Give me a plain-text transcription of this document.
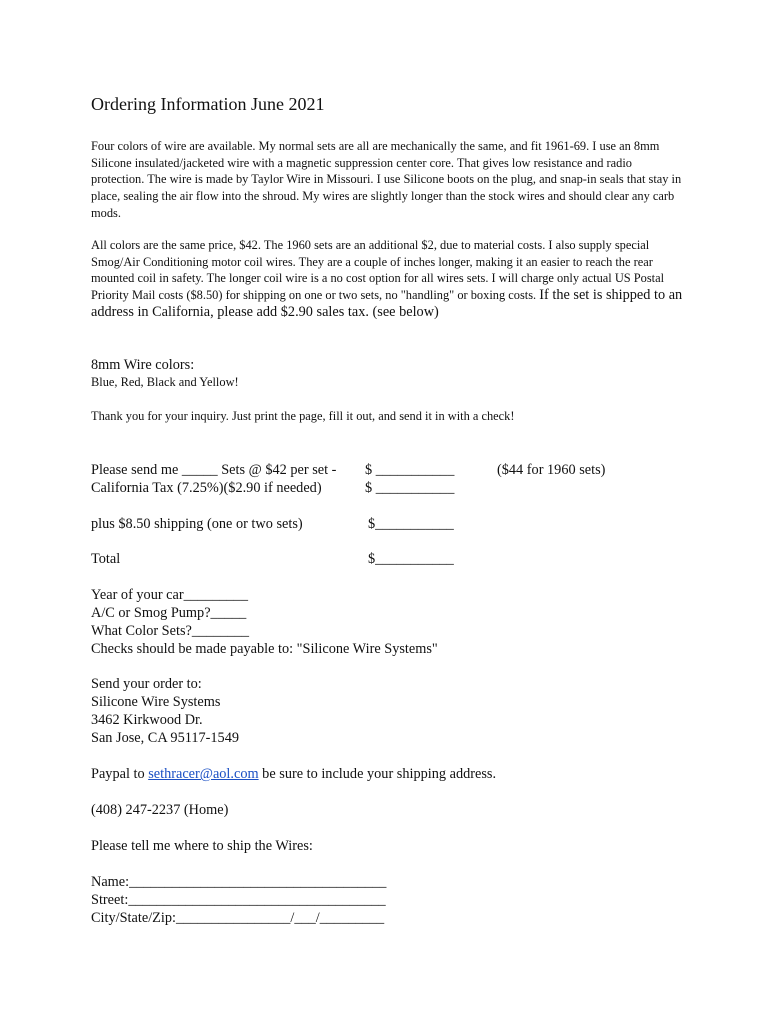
Ordering Information June 2021

Four colors of wire are available. My normal sets are all are mechanically the same, and fit 1961-69. I use an 8mm Silicone insulated/jacketed wire with a magnetic suppression center core. That gives low resistance and radio protection. The wire is made by Taylor Wire in Missouri. I use Silicone boots on the plug, and snap-in seals that stay in place, sealing the air flow into the shroud. My wires are slightly longer than the stock wires and should clear any carb mods.

All colors are the same price, $42. The 1960 sets are an additional $2, due to material costs. I also supply special Smog/Air Conditioning motor coil wires. They are a couple of inches longer, making it an easier to reach the rear mounted coil in safety. The longer coil wire is a no cost option for all wires sets. I will charge only actual US Postal Priority Mail costs ($8.50) for shipping on one or two sets, no "handling" or boxing costs. If the set is shipped to an address in California, please add $2.90 sales tax. (see below)

8mm Wire colors:
Blue, Red, Black and Yellow!
Thank you for your inquiry. Just print the page, fill it out, and send it in with a check!
Please send me _____ Sets @ $42 per set - $ ___________	($44 for 1960 sets)
California Tax (7.25%)($2.90 if needed)	$ ___________
plus $8.50 shipping (one or two sets)	$___________
Total	$___________
Year of your car_________
A/C or Smog Pump?_____
What Color Sets?________
Checks should be made payable to: "Silicone Wire Systems"
Send your order to:
Silicone Wire Systems
3462 Kirkwood Dr.
San Jose, CA 95117-1549
Paypal to sethracer@aol.com be sure to include your shipping address.
(408) 247-2237 (Home)
Please tell me where to ship the Wires:
Name:____________________________________
Street:____________________________________
City/State/Zip:________________/___/_________
